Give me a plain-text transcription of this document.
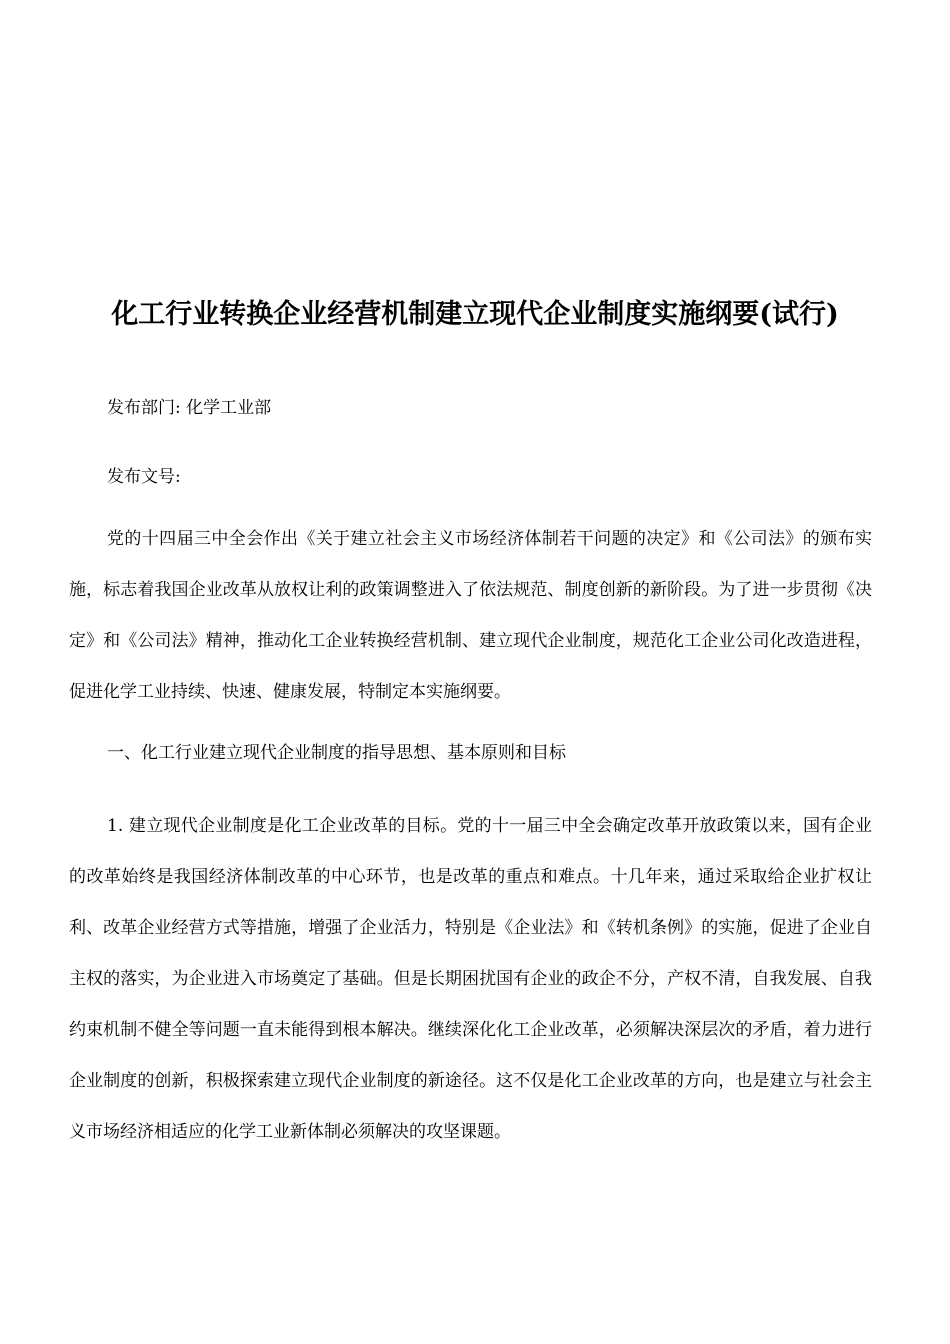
化工行业转换企业经营机制建立现代企业制度实施纲要(试行)
发布部门: 化学工业部
发布文号:

党的十四届三中全会作出《关于建立社会主义市场经济体制若干问题的决定》和《公司法》的颁布实施，标志着我国企业改革从放权让利的政策调整进入了依法规范、制度创新的新阶段。为了进一步贯彻《决定》和《公司法》精神，推动化工企业转换经营机制、建立现代企业制度，规范化工企业公司化改造进程，促进化学工业持续、快速、健康发展，特制定本实施纲要。

一、化工行业建立现代企业制度的指导思想、基本原则和目标

1. 建立现代企业制度是化工企业改革的目标。党的十一届三中全会确定改革开放政策以来，国有企业的改革始终是我国经济体制改革的中心环节，也是改革的重点和难点。十几年来，通过采取给企业扩权让利、改革企业经营方式等措施，增强了企业活力，特别是《企业法》和《转机条例》的实施，促进了企业自主权的落实，为企业进入市场奠定了基础。但是长期困扰国有企业的政企不分，产权不清，自我发展、自我约束机制不健全等问题一直未能得到根本解决。继续深化化工企业改革，必须解决深层次的矛盾，着力进行企业制度的创新，积极探索建立现代企业制度的新途径。这不仅是化工企业改革的方向，也是建立与社会主义市场经济相适应的化学工业新体制必须解决的攻坚课题。
